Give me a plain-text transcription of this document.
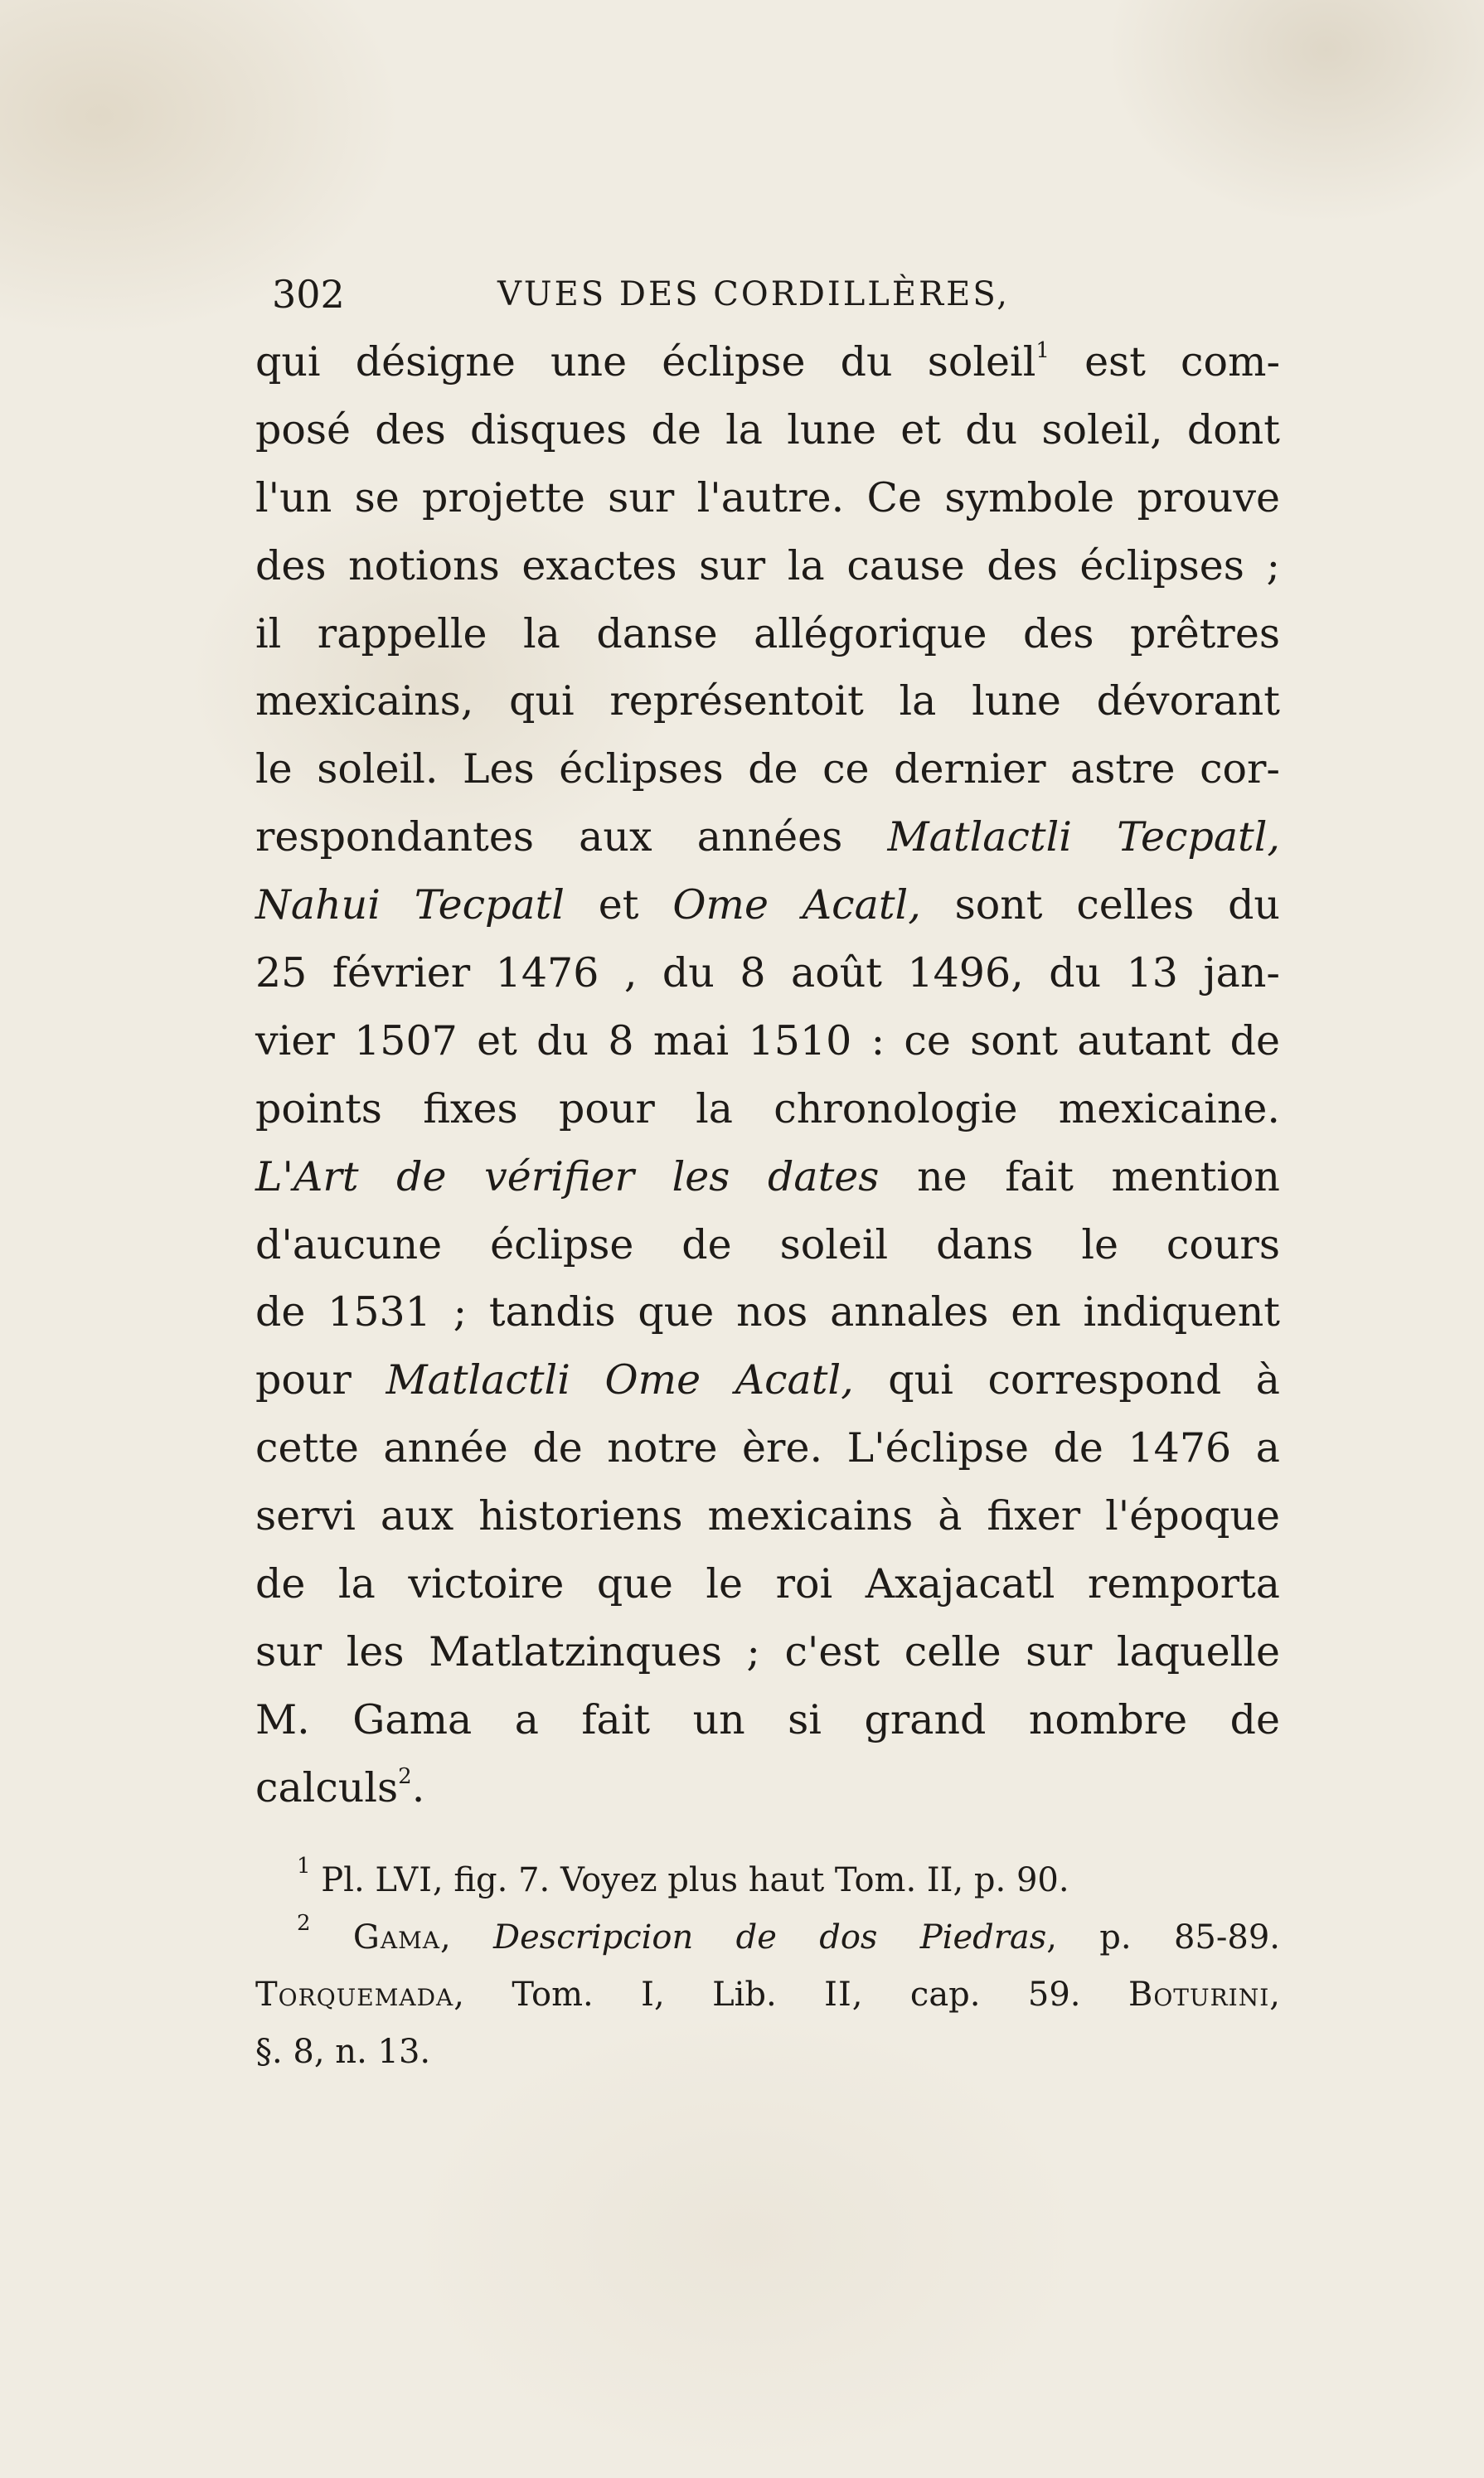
302	VUES DES CORDILLÈRES,
qui désigne une éclipse du soleil$^1$ est com-
posé des disques de la lune et du soleil, dont
l'un se projette sur l'autre. Ce symbole prouve
des notions exactes sur la cause des éclipses ;
il rappelle la danse allégorique des prêtres
mexicains, qui représentoit la lune dévorant
le soleil. Les éclipses de ce dernier astre cor-
respondantes aux années Matlactli Tecpatl,
Nahui Tecpatl et Ome Acatl, sont celles du
25 février 1476 , du 8 août 1496, du 13 jan-
vier 1507 et du 8 mai 1510 : ce sont autant de
points fixes pour la chronologie mexicaine.
L'Art de vérifier les dates ne fait mention
d'aucune éclipse de soleil dans le cours
de 1531 ; tandis que nos annales en indiquent
pour Matlactli Ome Acatl, qui correspond à
cette année de notre ère. L'éclipse de 1476 a
servi aux historiens mexicains à fixer l'époque
de la victoire que le roi Axajacatl remporta
sur les Matlatzinques ; c'est celle sur laquelle
M. Gama a fait un si grand nombre de
calculs$^2$.
$^1$ Pl. LVI, fig. 7. Voyez plus haut Tom. II, p. 90.
$^2$ Gama, Descripcion de dos Piedras, p. 85-89.
Torquemada, Tom. I, Lib. II, cap. 59. Boturini,
§. 8, n. 13.
